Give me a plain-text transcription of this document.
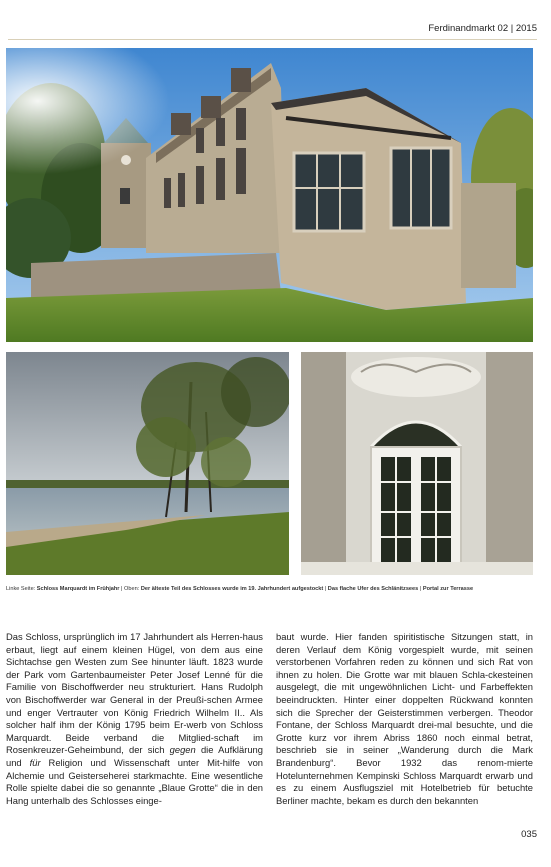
Ferdinandmarkt 02 | 2015
Linke Seite: Schloss Marquardt im Frühjahr | Oben: Der älteste Teil des Schlosses wurde im 19. Jahrhundert aufgestockt | Das flache Ufer des Schlänitzsees | Portal zur Terrasse

Das Schloss, ursprünglich im 17 Jahrhundert als Herren-haus erbaut, liegt auf einem kleinen Hügel, von dem aus eine Sichtachse gen Westen zum See hinunter läuft. 1823 wurde der Park vom Gartenbaumeister Peter Josef Lenné für die Familie von Bischoffwerder neu strukturiert. Hans Rudolph von Bischoffwerder war General in der Preußi-schen Armee und enger Vertrauter von König Friedrich Wilhelm II.. Als solcher half ihm der König 1795 beim Er-werb von Schloss Marquardt. Beide verband die Mitglied-schaft im Rosenkreuzer-Geheimbund, der sich gegen die Aufklärung und für Religion und Wissenschaft unter Mit-hilfe von Alchemie und Geisterseherei starkmachte. Eine wesentliche Rolle spielte dabei die so genannte „Blaue Grotte“ die in den Hang unterhalb des Schlosses einge-

baut wurde. Hier fanden spiritistische Sitzungen statt, in deren Verlauf dem König vorgespielt wurde, mit seinen verstorbenen Vorfahren reden zu können und sich Rat von ihnen zu holen. Die Grotte war mit blauen Schla-ckesteinen ausgelegt, die mit ungewöhnlichen Licht- und Farbeffekten beeindruckten. Hinter einer doppelten Rückwand konnten sich die Sprecher der Geisterstimmen verbergen. Theodor Fontane, der Schloss Marquardt drei-mal besuchte, und die Grotte kurz vor ihrem Abriss 1860 noch einmal betrat, beschrieb sie in seiner „Wanderung durch die Mark Brandenburg“. Bevor 1932 das renom-mierte Hotelunternehmen Kempinski Schloss Marquardt erwarb und es zu einem Ausflugsziel mit Hotelbetrieb für betuchte Berliner machte, bekam es durch den bekannten

035
